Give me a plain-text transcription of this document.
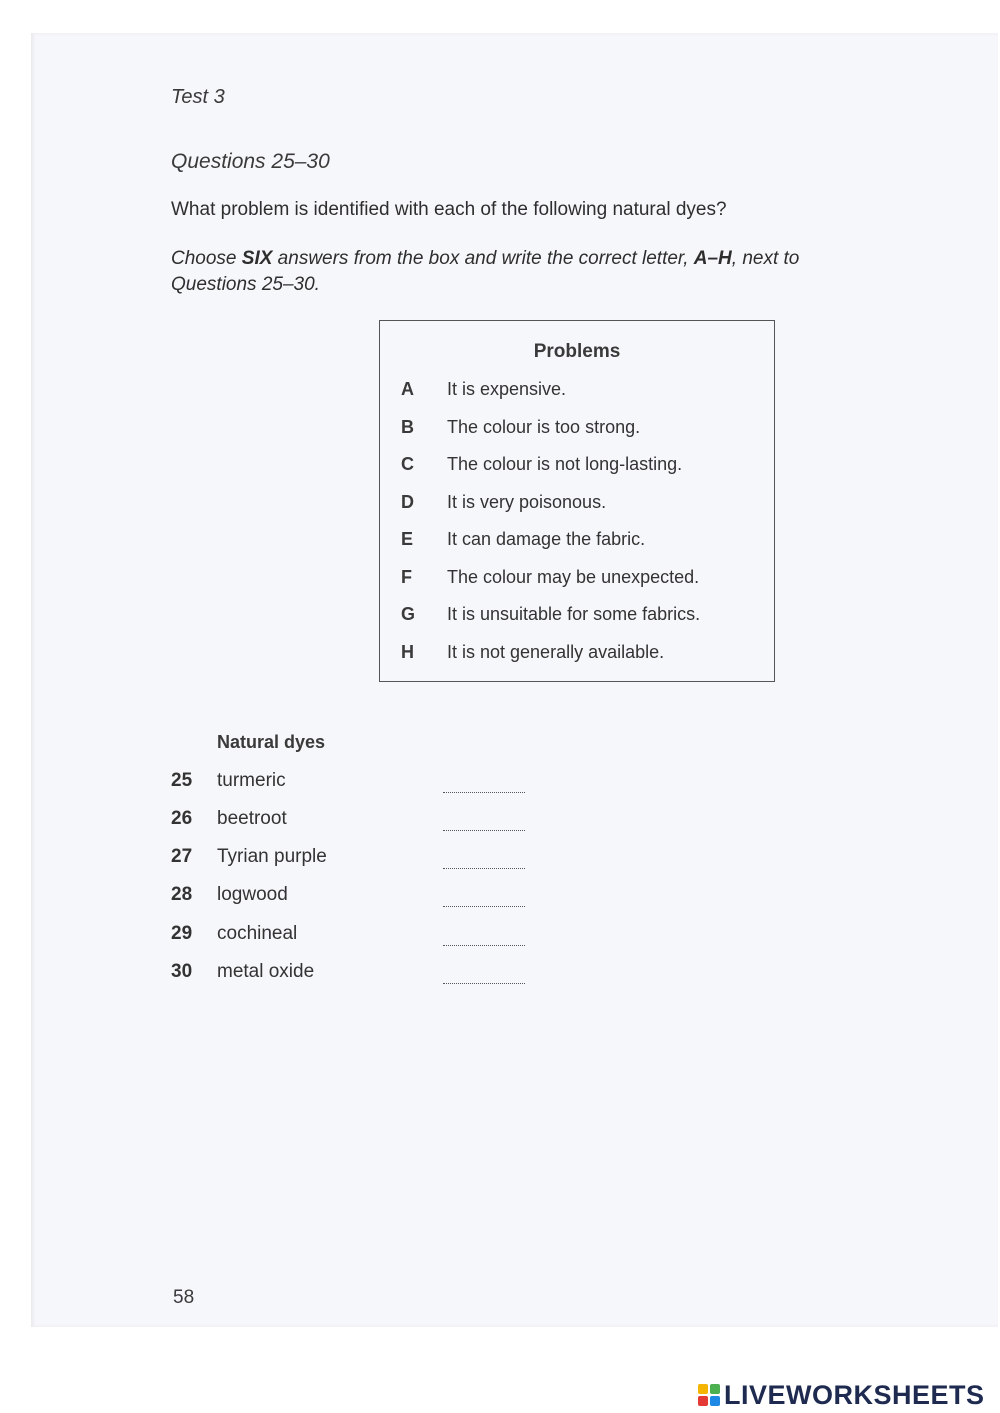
Test 3
Questions 25–30
What problem is identified with each of the following natural dyes?
Choose SIX answers from the box and write the correct letter, A–H, next to
Questions 25–30.
Problems
A It is expensive.
B The colour is too strong.
C The colour is not long-lasting.
D It is very poisonous.
E It can damage the fabric.
F The colour may be unexpected.
G It is unsuitable for some fabrics.
H It is not generally available.
Natural dyes
25 turmeric
26 beetroot
27 Tyrian purple
28 logwood
29 cochineal
30 metal oxide
58
LIVEWORKSHEETS
